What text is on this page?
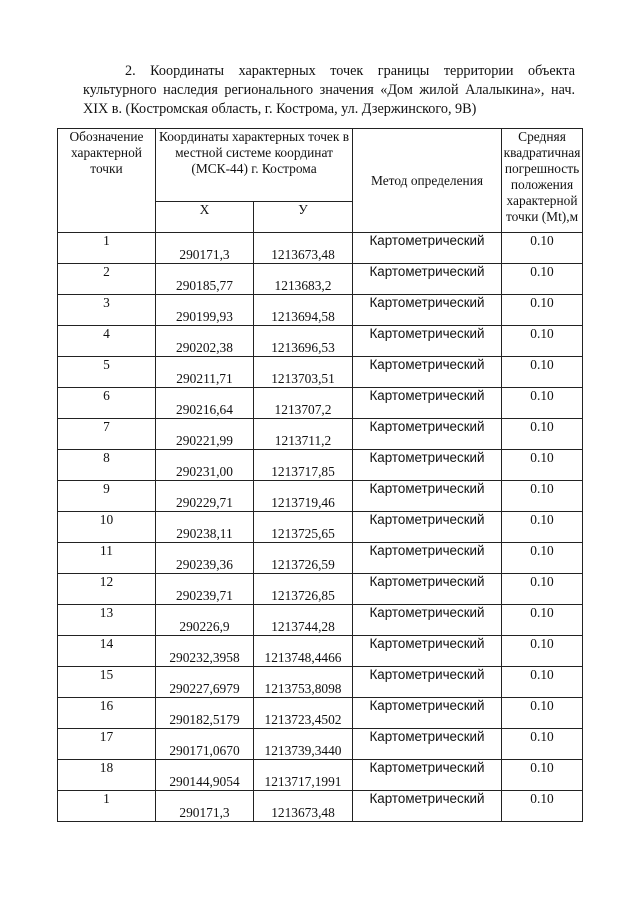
2. Координаты характерных точек границы территории объекта культурного наследия регионального значения «Дом жилой Алалыкина», нач. XIX в. (Костромская область, г. Кострома, ул. Дзержинского, 9В)
Обозначение характерной точки	Координаты характерных точек в местной системе координат (МСК-44) г. Кострома		Метод определения	Средняя квадратичная погрешность положения характерной точки (Mt),м
	X	У		
1	290171,3	1213673,48	Картометрический	0.10
2	290185,77	1213683,2	Картометрический	0.10
3	290199,93	1213694,58	Картометрический	0.10
4	290202,38	1213696,53	Картометрический	0.10
5	290211,71	1213703,51	Картометрический	0.10
6	290216,64	1213707,2	Картометрический	0.10
7	290221,99	1213711,2	Картометрический	0.10
8	290231,00	1213717,85	Картометрический	0.10
9	290229,71	1213719,46	Картометрический	0.10
10	290238,11	1213725,65	Картометрический	0.10
11	290239,36	1213726,59	Картометрический	0.10
12	290239,71	1213726,85	Картометрический	0.10
13	290226,9	1213744,28	Картометрический	0.10
14	290232,3958	1213748,4466	Картометрический	0.10
15	290227,6979	1213753,8098	Картометрический	0.10
16	290182,5179	1213723,4502	Картометрический	0.10
17	290171,0670	1213739,3440	Картометрический	0.10
18	290144,9054	1213717,1991	Картометрический	0.10
1	290171,3	1213673,48	Картометрический	0.10
